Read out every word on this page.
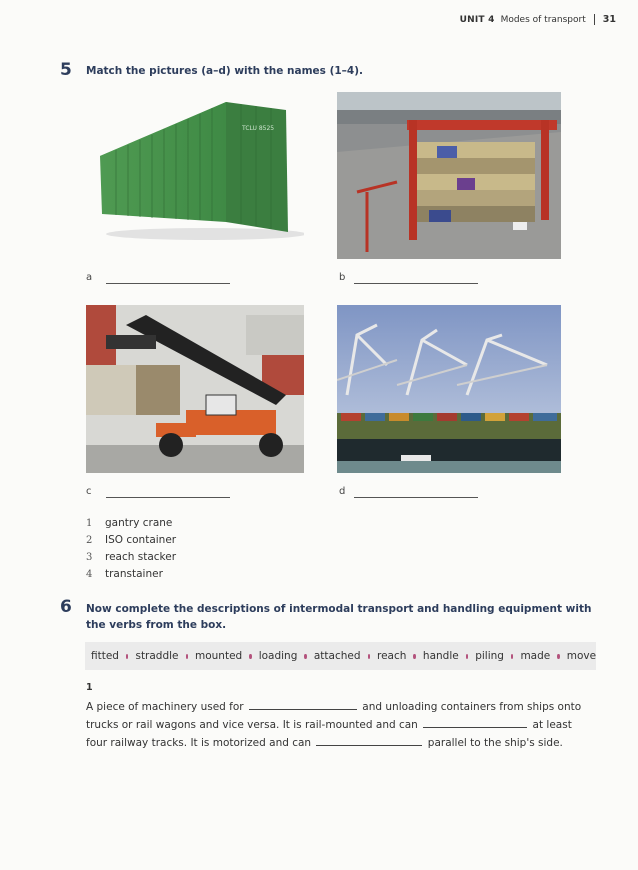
UNIT 4 Modes of transport 31
5 Match the pictures (a–d) with the names (1–4).
TCLU 8525
a	b
c	d
1 gantry crane
2 ISO container
3 reach stacker
4 transtainer
6 Now complete the descriptions of intermodal transport and handling equipment with the verbs from the box.
fitted straddle mounted loading attached reach handle piling made move
1
A piece of machinery used for	and unloading containers from ships onto trucks or rail wagons and vice versa. It is rail-mounted and can	at least four railway tracks. It is motorized and can	parallel to the ship's side.
